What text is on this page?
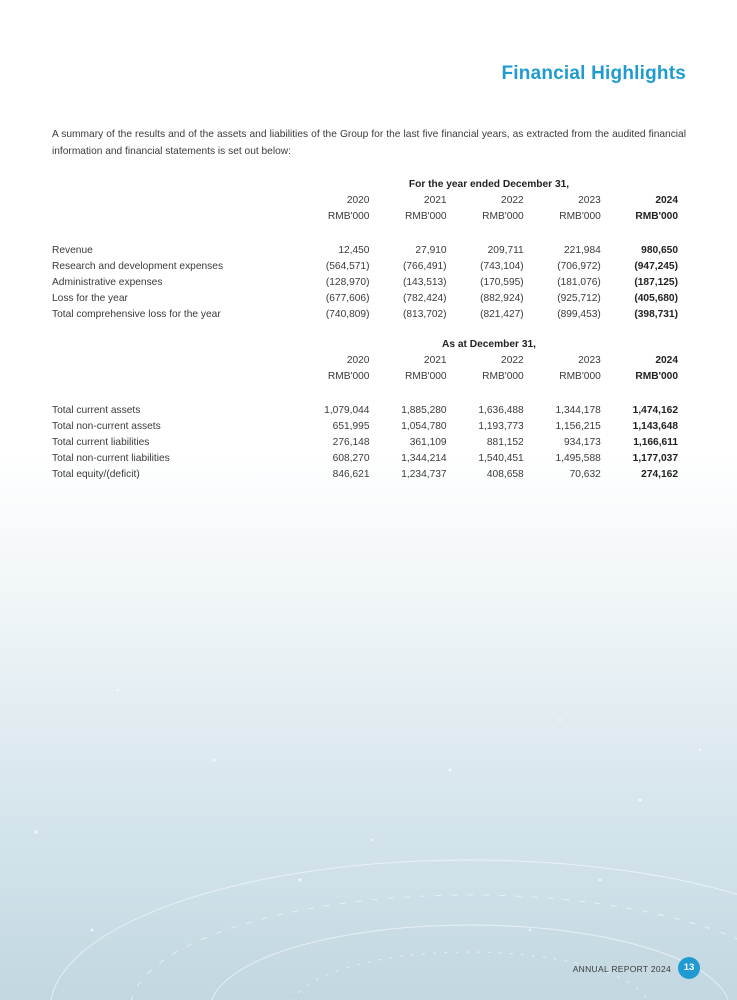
Financial Highlights
A summary of the results and of the assets and liabilities of the Group for the last five financial years, as extracted from the audited financial information and financial statements is set out below:
For the year ended December 31,					
	2020	2021	2022	2023	2024
	RMB'000	RMB'000	RMB'000	RMB'000	RMB'000

Revenue	12,450	27,910	209,711	221,984	980,650
Research and development expenses	(564,571)	(766,491)	(743,104)	(706,972)	(947,245)
Administrative expenses	(128,970)	(143,513)	(170,595)	(181,076)	(187,125)
Loss for the year	(677,606)	(782,424)	(882,924)	(925,712)	(405,680)
Total comprehensive loss for the year	(740,809)	(813,702)	(821,427)	(899,453)	(398,731)
As at December 31,					
	2020	2021	2022	2023	2024
	RMB'000	RMB'000	RMB'000	RMB'000	RMB'000

Total current assets	1,079,044	1,885,280	1,636,488	1,344,178	1,474,162
Total non-current assets	651,995	1,054,780	1,193,773	1,156,215	1,143,648
Total current liabilities	276,148	361,109	881,152	934,173	1,166,611
Total non-current liabilities	608,270	1,344,214	1,540,451	1,495,588	1,177,037
Total equity/(deficit)	846,621	1,234,737	408,658	70,632	274,162
ANNUAL REPORT 2024	13
